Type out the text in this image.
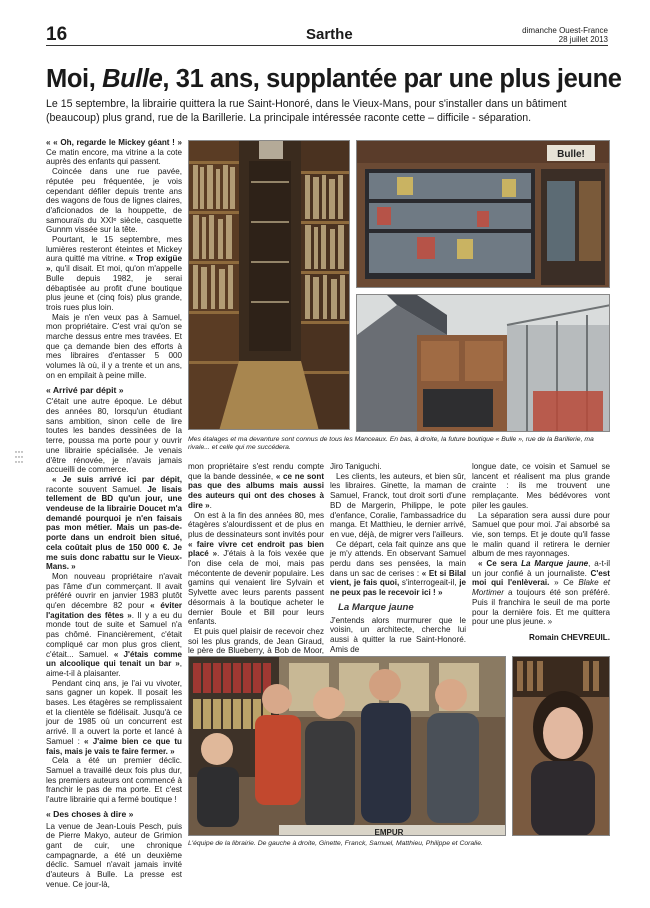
16	Sarthe	dimanche Ouest-France
28 juillet 2013
Moi, Bulle, 31 ans, supplantée par une plus jeune

Le 15 septembre, la librairie quittera la rue Saint-Honoré, dans le Vieux-Mans, pour s'installer dans un bâtiment (beaucoup) plus grand, rue de la Barillerie. La principale intéressée raconte cette – difficile - séparation.

« « Oh, regarde le Mickey géant ! » Ce matin encore, ma vitrine a la cote auprès des enfants qui passent.

Coincée dans une rue pavée, réputée peu fréquentée, je vois cependant défiler depuis trente ans des wagons de fous de lignes claires, d'aficionados de la houppette, de samouraïs du XXIᵉ siècle, casquette Gunnm vissée sur la tête.

Pourtant, le 15 septembre, mes lumières resteront éteintes et Mickey aura quitté ma vitrine. « Trop exigüe », qu'il disait. Et moi, qu'on m'appelle Bulle depuis 1982, je serai débaptisée au profit d'une boutique plus jeune et (cinq fois) plus grande, trois rues plus loin.

Mais je n'en veux pas à Samuel, mon propriétaire. C'est vrai qu'on se marche dessus entre mes travées. Et que ça demande bien des efforts à mes libraires d'entasser 5 000 volumes là où, il y a trente et un ans, on en empilait à peine mille.

« Arrivé par dépit »

C'était une autre époque. Le début des années 80, lorsqu'un étudiant sans ambition, sinon celle de lire toutes les bandes dessinées de la terre, poussa ma porte pour y ouvrir une librairie spécialisée. Je venais d'être rénovée, je n'avais jamais accueilli de commerce.

« Je suis arrivé ici par dépit, raconte souvent Samuel. Je lisais tellement de BD qu'un jour, une vendeuse de la librairie Doucet m'a demandé pourquoi je n'en faisais pas mon métier. Mais un pas-de-porte dans un endroit bien situé, cela coûtait plus de 150 000 €. Je me suis donc rabattu sur le Vieux-Mans. »

Mon nouveau propriétaire n'avait pas l'âme d'un commerçant. Il avait préféré ouvrir en janvier 1983 plutôt qu'en décembre 82 pour « éviter l'agitation des fêtes ». Il y a eu du monde tout de suite et Samuel n'a pas chômé. Financièrement, c'était compliqué car mon plus gros client, c'était... Samuel. « J'étais comme un alcoolique qui tenait un bar », aime-t-il à plaisanter.

Pendant cinq ans, je l'ai vu vivoter, sans gagner un kopek. Il posait les bases. Les étagères se remplissaient et la clientèle se fidélisait. Jusqu'à ce jour de 1985 où un concurrent est arrivé. Il a ouvert la porte et lancé à Samuel : « J'aime bien ce que tu fais, mais je vais te faire fermer. »

Cela a été un premier déclic. Samuel a travaillé deux fois plus dur, les premiers auteurs ont commencé à franchir le pas de ma porte. Et c'est l'autre librairie qui a fermé boutique !

« Des choses à dire »

La venue de Jean-Louis Pesch, puis de Pierre Makyo, auteur de Grimion gant de cuir, une chronique campagnarde, a été un deuxième déclic. Samuel n'avait jamais invité d'auteurs à Bulle. La presse est venue. Ce jour-là,

Bulle!

Mes étalages et ma devanture sont connus de tous les Manceaux. En bas, à droite, la future boutique « Bulle », rue de la Barillerie, ma rivale... et celle qui me succédera.

mon propriétaire s'est rendu compte que la bande dessinée, « ce ne sont pas que des albums mais aussi des auteurs qui ont des choses à dire ».

On est à la fin des années 80, mes étagères s'alourdissent et de plus en plus de dessinateurs sont invités pour « faire vivre cet endroit pas bien placé ». J'étais à la fois vexée que l'on dise cela de moi, mais pas mécontente de devenir populaire. Les gamins qui venaient lire Sylvain et Sylvette avec leurs parents passent désormais à la boutique acheter le dernier Boule et Bill pour leurs enfants.

Et puis quel plaisir de recevoir chez soi les plus grands, de Jean Giraud, le père de Blueberry, à Bob de Moor,

Jiro Taniguchi.

Les clients, les auteurs, et bien sûr, les libraires. Ginette, la maman de Samuel, Franck, tout droit sorti d'une BD de Margerin, Philippe, le pote d'enfance, Coralie, l'ambassadrice du manga. Et Matthieu, le dernier arrivé, en vue, déjà, de migrer vers l'ailleurs.

Ce départ, cela fait quinze ans que je m'y attends. En observant Samuel perdu dans ses pensées, la main dans un sac de cerises : « Et si Bilal vient, je fais quoi, s'interrogeait-il, je ne peux pas le recevoir ici ! »

La Marque jaune

J'entends alors murmurer que le voisin, un architecte, cherche lui aussi à quitter la rue Saint-Honoré. Amis de

longue date, ce voisin et Samuel se lancent et réalisent ma plus grande crainte : ils me trouvent une remplaçante. Mes bédévores vont piler les gaules.

La séparation sera aussi dure pour Samuel que pour moi. J'ai absorbé sa vie, son temps. Et je doute qu'il fasse le malin quand il retirera le dernier album de mes rayonnages.

« Ce sera La Marque jaune, a-t-il un jour confié à un journaliste. C'est moi qui l'enlèverai. » Ce Blake et Mortimer a toujours été son préféré. Puis il franchira le seuil de ma porte pour la dernière fois. Et me quittera pour une plus jeune. »

Romain CHEVREUIL.

EMPUR

L'équipe de la librairie. De gauche à droite, Ginette, Franck, Samuel, Matthieu, Philippe et Coralie.
